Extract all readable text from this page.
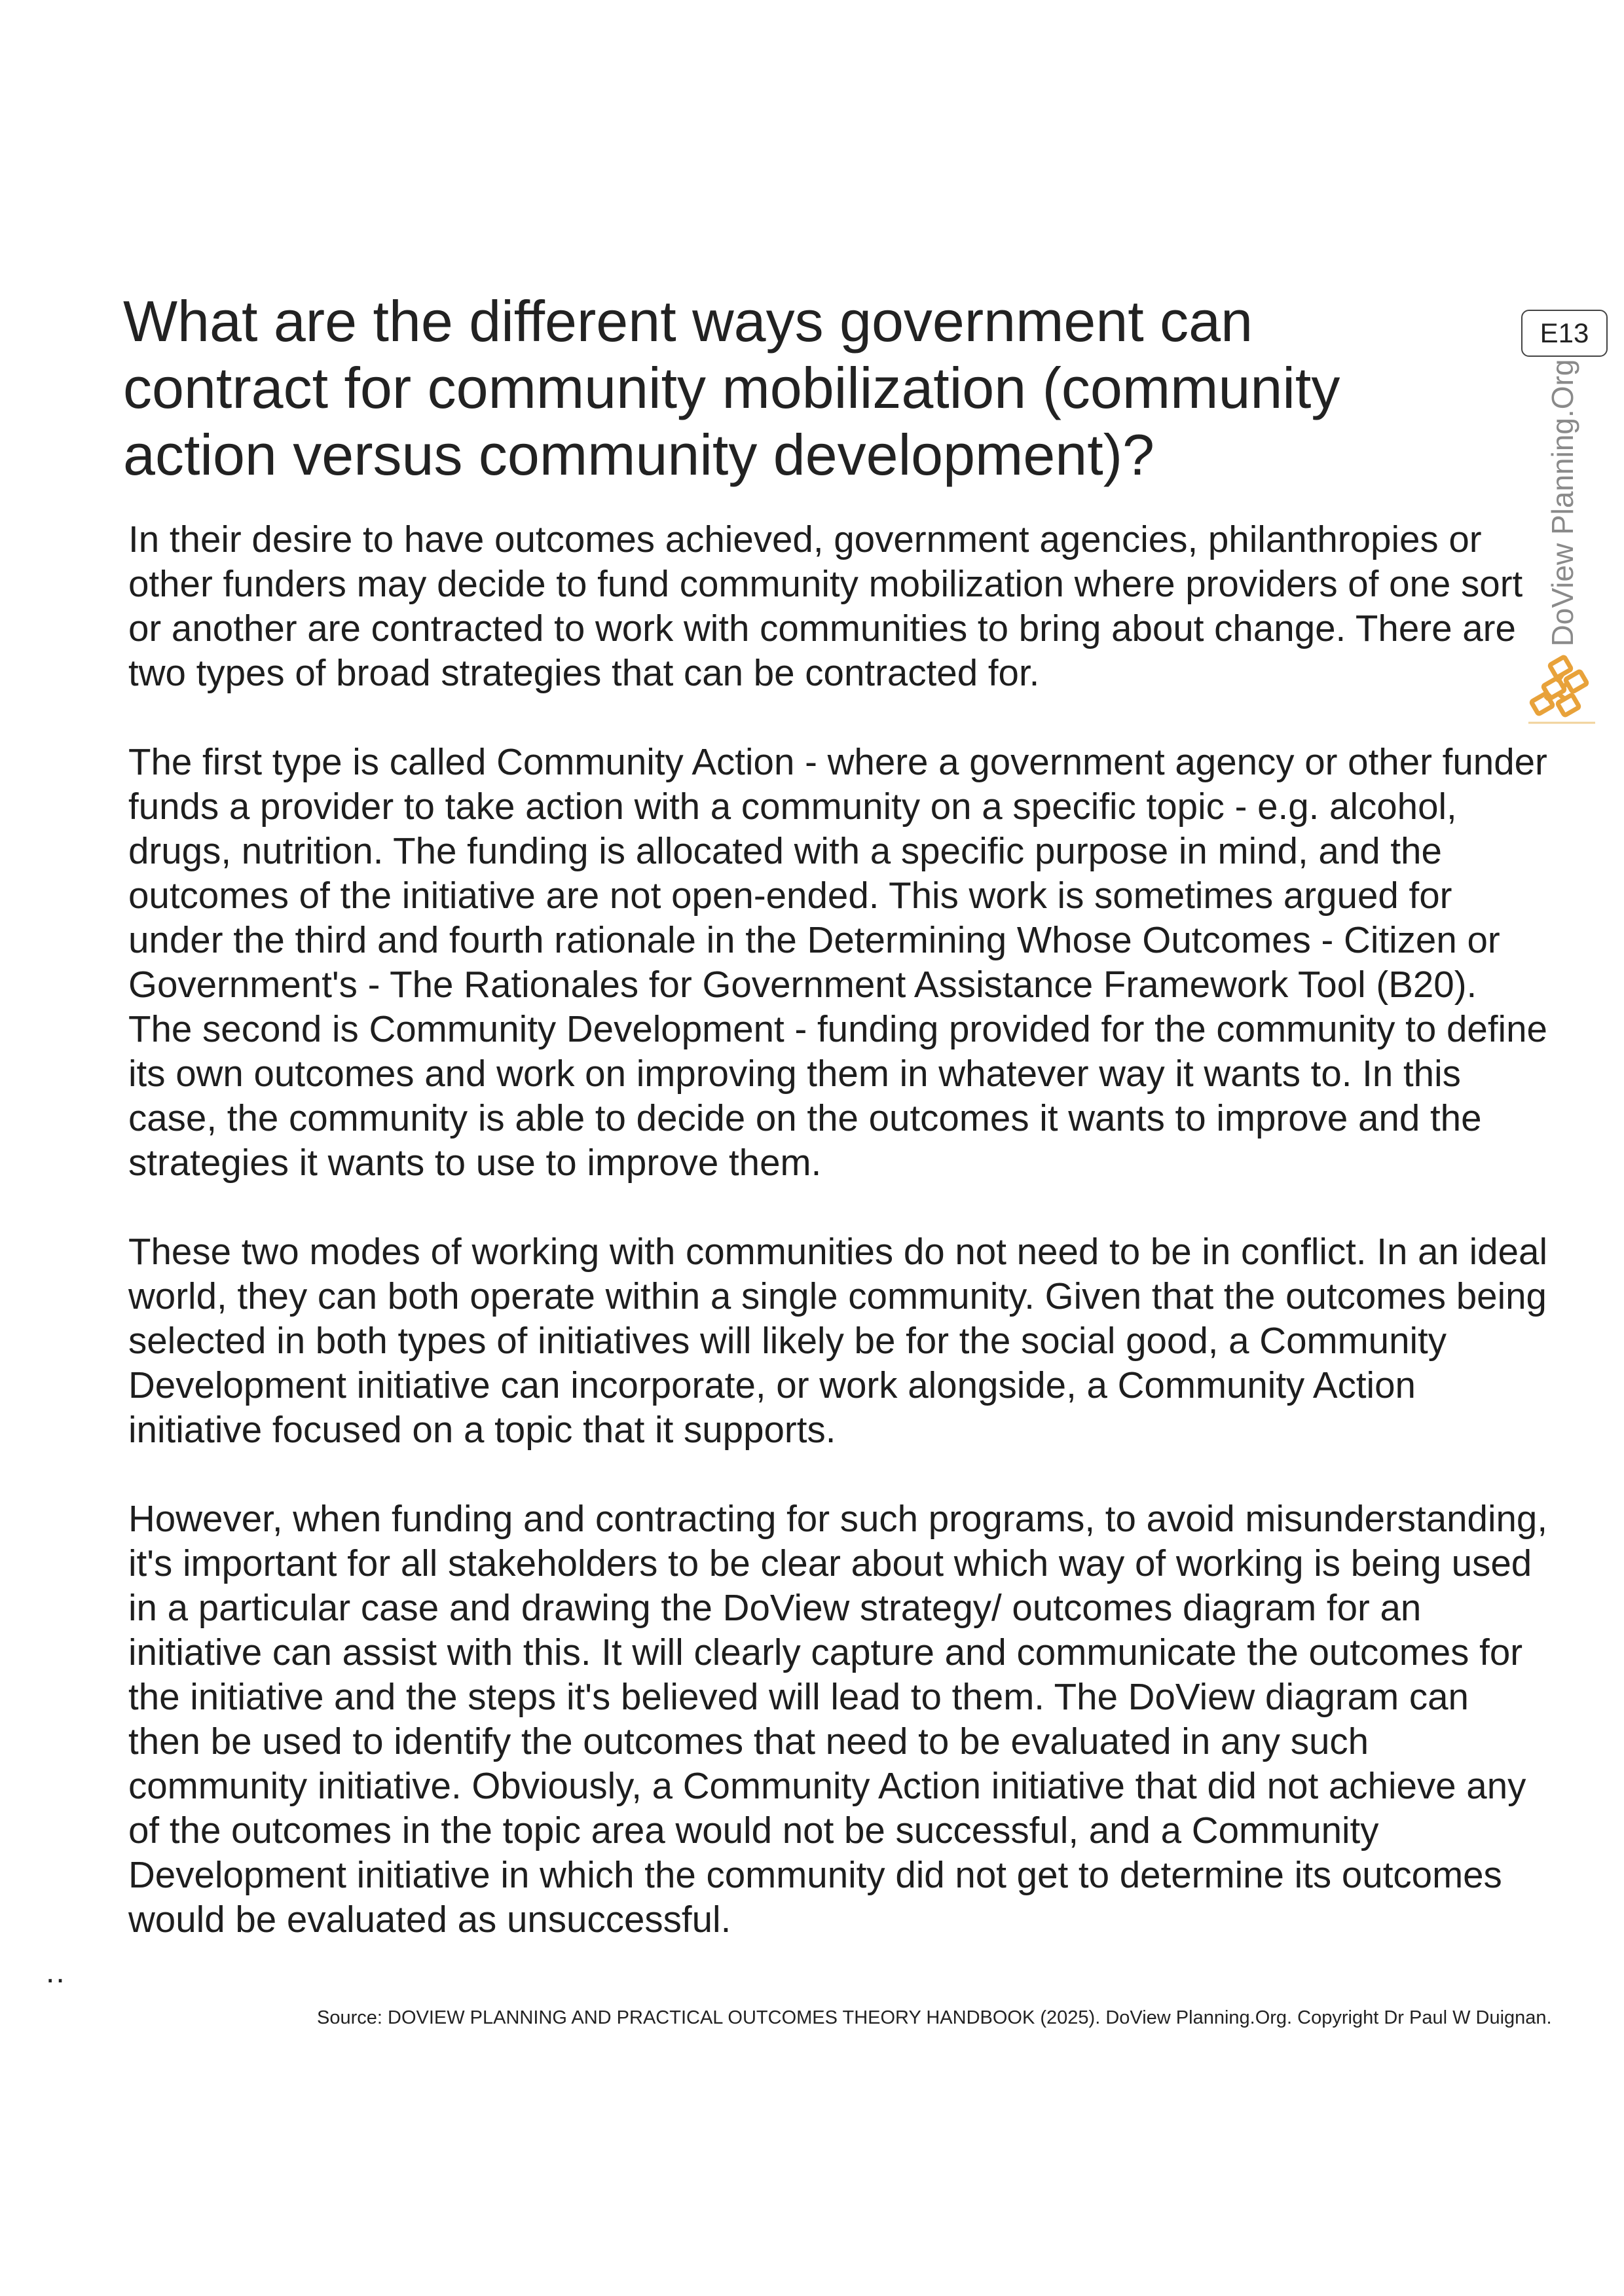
What are the different ways government can contract for community mobilization (community action versus community development)?
E13
DoView Planning.Org

In their desire to have outcomes achieved, government agencies, philanthropies or other funders may decide to fund community mobilization where providers of one sort or another are contracted to work with communities to bring about change. There are two types of broad strategies that can be contracted for.

The first type is called Community Action - where a government agency or other funder funds a provider to take action with a community on a specific topic - e.g. alcohol, drugs, nutrition. The funding is allocated with a specific purpose in mind, and the outcomes of the initiative are not open-ended. This work is sometimes argued for under the third and fourth rationale in the Determining Whose Outcomes - Citizen or Government's - The Rationales for Government Assistance Framework Tool (B20). The second is Community Development - funding provided for the community to define its own outcomes and work on improving them in whatever way it wants to. In this case, the community is able to decide on the outcomes it wants to improve and the strategies it wants to use to improve them.

These two modes of working with communities do not need to be in conflict. In an ideal world, they can both operate within a single community. Given that the outcomes being selected in both types of initiatives will likely be for the social good, a Community Development initiative can incorporate, or work alongside, a Community Action initiative focused on a topic that it supports.

However, when funding and contracting for such programs, to avoid misunderstanding, it's important for all stakeholders to be clear about which way of working is being used in a particular case and drawing the DoView strategy/ outcomes diagram for an initiative can assist with this. It will clearly capture and communicate the outcomes for the initiative and the steps it's believed will lead to them. The DoView diagram can then be used to identify the outcomes that need to be evaluated in any such community initiative. Obviously, a Community Action initiative that did not achieve any of the outcomes in the topic area would not be successful, and a Community Development initiative in which the community did not get to determine its outcomes would be evaluated as unsuccessful.

..
Source: DOVIEW PLANNING AND PRACTICAL OUTCOMES THEORY HANDBOOK (2025). DoView Planning.Org. Copyright Dr Paul W Duignan.
